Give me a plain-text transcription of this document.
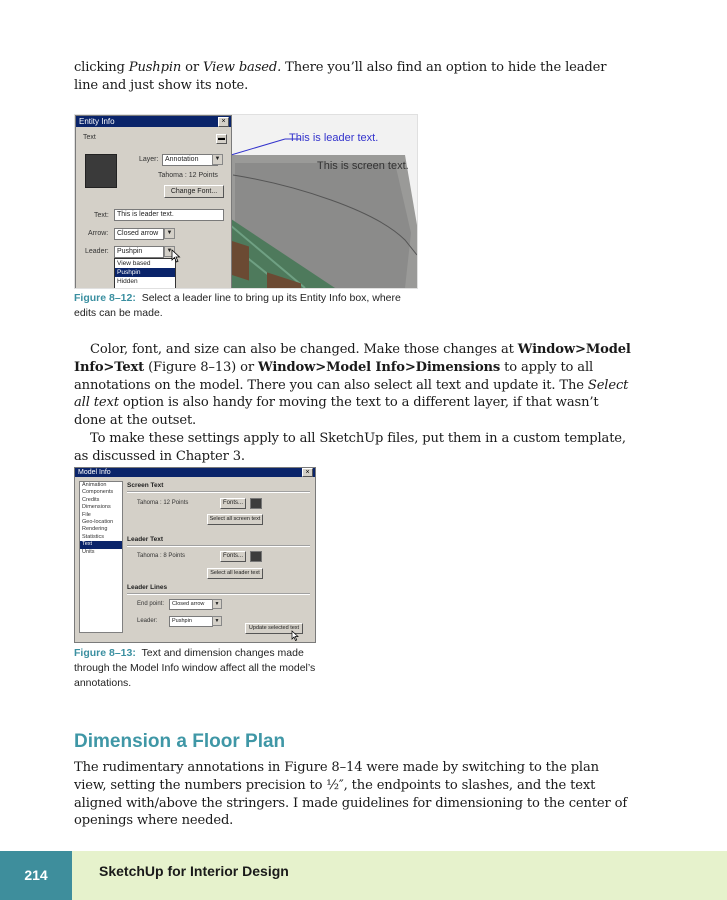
clicking Pushpin or View based. There you’ll also find an option to hide the leader line and just show its note.

This is leader text.
This is screen text.
Entity Info	×
Text	▬
Layer: Annotation	▼
Tahoma : 12 Points
Change Font...
Text:	This is leader text.
Arrow:	Closed arrow	▼
Leader:	Pushpin	▼
View based
Pushpin
Hidden
Figure 8–12: Select a leader line to bring up its Entity Info box, where edits can be made.

Color, font, and size can also be changed. Make those changes at Window>Model Info>Text (Figure 8–13) or Window>Model Info>Dimensions to apply to all annotations on the model. There you can also select all text and update it. The Select all text option is also handy for moving the text to a different layer, if that wasn’t done at the outset.

To make these settings apply to all SketchUp files, put them in a custom template, as discussed in Chapter 3.

Model Info	×
Animation
Components
Credits
Dimensions
File
Geo-location
Rendering
Statistics
Text
Units
Screen Text
Tahoma : 12 Points	Fonts...
Select all screen text
Leader Text
Tahoma : 8 Points	Fonts...
Select all leader text
Leader Lines
End point:	Closed arrow	▼
Leader:	Pushpin	▼
Update selected text
Figure 8–13: Text and dimension changes made through the Model Info window affect all the model’s annotations.
Dimension a Floor Plan

The rudimentary annotations in Figure 8–14 were made by switching to the plan view, setting the numbers precision to ½″, the endpoints to slashes, and the text aligned with/above the stringers. I made guidelines for dimensioning to the center of openings where needed.

214	SketchUp for Interior Design
